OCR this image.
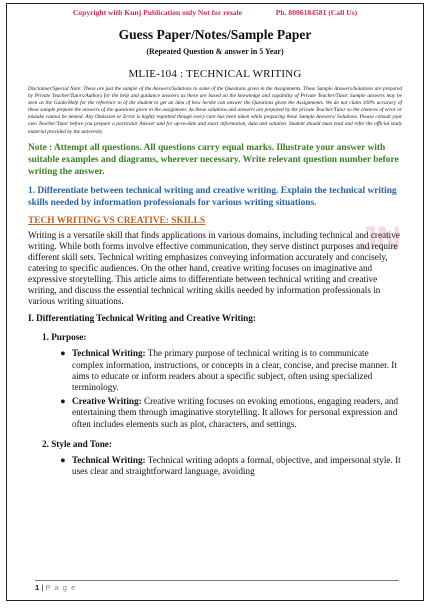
Copyright with Kunj Publication only Not for resale	Ph. 8006184581 (Call Us)
Guess Paper/Notes/Sample Paper
(Repeated Question & answer in 5 Year)
MLIE-104 : TECHNICAL WRITING
Disclaimer/Special Note: These are just the sample of the Answers/Solutions to some of the Questions given in the Assignments. These Sample Answers/Solutions are prepared by Private Teacher/Tutors/Authors for the help and guidance answers as these are based on the knowledge and capability of Private Teacher/Tutor. Sample answers may be seen as the Guide/Help for the reference to of the student to get an idea of how he/she can answer the Questions given the Assignments. We do not claim 100% accuracy of these sample prepare the answers of the questions given in the assignment. As these solutions and answers are prepared by the private Teacher/Tutor so the chances of error or mistake cannot be denied. Any Omission or Error is highly regretted though every care has been taken while preparing these Sample Answers/ Solutions. Please consult your own Teacher/Tutor before you prepare a particular Answer and for up-to-date and exact information, data and solution. Student should must read and refer the official study material provided by the university.
Note : Attempt all questions. All questions carry equal marks. Illustrate your answer with suitable examples and diagrams, wherever necessary. Write relevant question number before writing the answer.
1. Differentiate between technical writing and creative writing. Explain the technical writing skills needed by information professionals for various writing situations.
TECH WRITING VS CREATIVE: SKILLS	JN
Writing is a versatile skill that finds applications in various domains, including technical and creative writing. While both forms involve effective communication, they serve distinct purposes and require different skill sets. Technical writing emphasizes conveying information accurately and concisely, catering to specific audiences. On the other hand, creative writing focuses on imaginative and expressive storytelling. This article aims to differentiate between technical writing and creative writing, and discuss the essential technical writing skills needed by information professionals in various writing situations.
I. Differentiating Technical Writing and Creative Writing:
1. Purpose:
● Technical Writing: The primary purpose of technical writing is to communicate complex information, instructions, or concepts in a clear, concise, and precise manner. It aims to educate or inform readers about a specific subject, often using specialized terminology.
● Creative Writing: Creative writing focuses on evoking emotions, engaging readers, and entertaining them through imaginative storytelling. It allows for personal expression and often includes elements such as plot, characters, and settings.
2. Style and Tone:
● Technical Writing: Technical writing adopts a formal, objective, and impersonal style. It uses clear and straightforward language, avoiding
1 | P a g e
